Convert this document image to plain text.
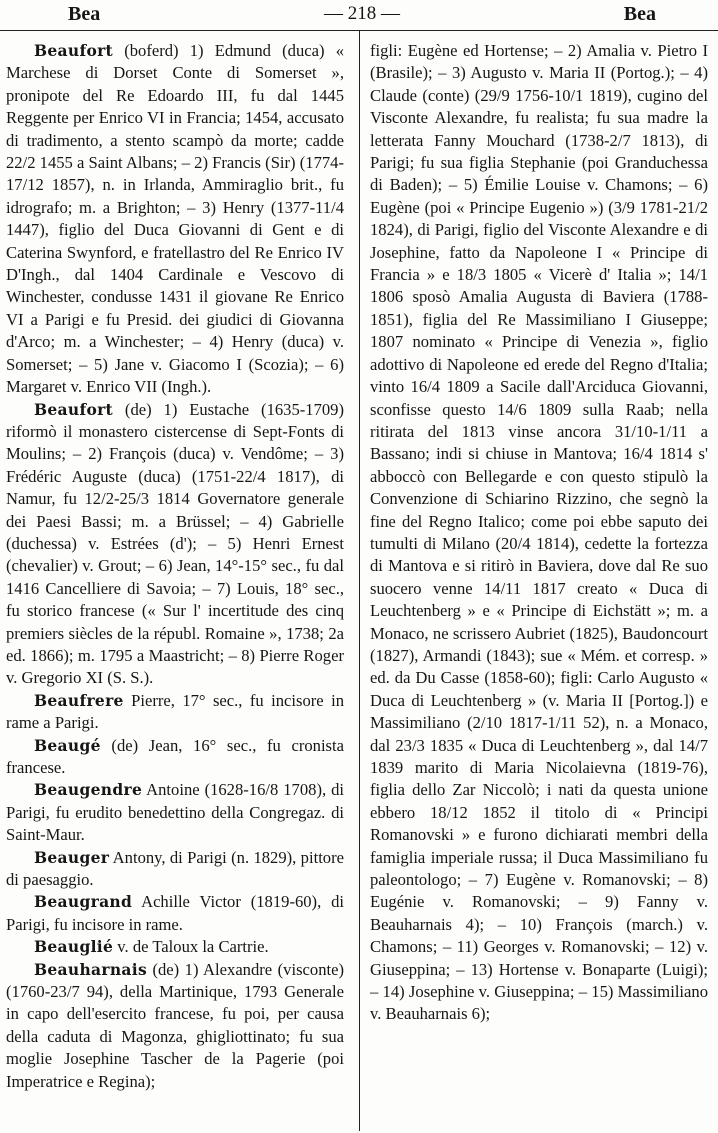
Bea	— 218 —	Bea

Beaufort (boferd) 1) Edmund (duca) « Marchese di Dorset Conte di Somerset », pronipote del Re Edoardo III, fu dal 1445 Reggente per Enrico VI in Francia; 1454, accusato di tradimento, a stento scampò da morte; cadde 22/2 1455 a Saint Albans; – 2) Francis (Sir) (1774-17/12 1857), n. in Irlanda, Ammiraglio brit., fu idrografo; m. a Brighton; – 3) Henry (1377-11/4 1447), figlio del Duca Giovanni di Gent e di Caterina Swynford, e fratellastro del Re Enrico IV D'Ingh., dal 1404 Cardinale e Vescovo di Winchester, condusse 1431 il giovane Re Enrico VI a Parigi e fu Presid. dei giudici di Giovanna d'Arco; m. a Winchester; – 4) Henry (duca) v. Somerset; – 5) Jane v. Giacomo I (Scozia); – 6) Margaret v. Enrico VII (Ingh.).

Beaufort (de) 1) Eustache (1635-1709) riformò il monastero cistercense di Sept-Fonts di Moulins; – 2) François (duca) v. Vendôme; – 3) Frédéric Auguste (duca) (1751-22/4 1817), di Namur, fu 12/2-25/3 1814 Governatore generale dei Paesi Bassi; m. a Brüssel; – 4) Gabrielle (duchessa) v. Estrées (d'); – 5) Henri Ernest (chevalier) v. Grout; – 6) Jean, 14°-15° sec., fu dal 1416 Cancelliere di Savoia; – 7) Louis, 18° sec., fu storico francese (« Sur l' incertitude des cinq premiers siècles de la républ. Romaine », 1738; 2a ed. 1866); m. 1795 a Maastricht; – 8) Pierre Roger v. Gregorio XI (S. S.).

Beaufrere Pierre, 17° sec., fu incisore in rame a Parigi.

Beaugé (de) Jean, 16° sec., fu cronista francese.

Beaugendre Antoine (1628-16/8 1708), di Parigi, fu erudito benedettino della Congregaz. di Saint-Maur.

Beauger Antony, di Parigi (n. 1829), pittore di paesaggio.

Beaugrand Achille Victor (1819-60), di Parigi, fu incisore in rame.

Beauglié v. de Taloux la Cartrie.

Beauharnais (de) 1) Alexandre (visconte) (1760-23/7 94), della Martinique, 1793 Generale in capo dell'esercito francese, fu poi, per causa della caduta di Magonza, ghigliottinato; fu sua moglie Josephine Tascher de la Pagerie (poi Imperatrice e Regina);

figli: Eugène ed Hortense; – 2) Amalia v. Pietro I (Brasile); – 3) Augusto v. Maria II (Portog.); – 4) Claude (conte) (29/9 1756-10/1 1819), cugino del Visconte Alexandre, fu realista; fu sua madre la letterata Fanny Mouchard (1738-2/7 1813), di Parigi; fu sua figlia Stephanie (poi Granduchessa di Baden); – 5) Émilie Louise v. Chamons; – 6) Eugène (poi « Principe Eugenio ») (3/9 1781-21/2 1824), di Parigi, figlio del Visconte Alexandre e di Josephine, fatto da Napoleone I « Principe di Francia » e 18/3 1805 « Vicerè d' Italia »; 14/1 1806 sposò Amalia Augusta di Baviera (1788-1851), figlia del Re Massimiliano I Giuseppe; 1807 nominato « Principe di Venezia », figlio adottivo di Napoleone ed erede del Regno d'Italia; vinto 16/4 1809 a Sacile dall'Arciduca Giovanni, sconfisse questo 14/6 1809 sulla Raab; nella ritirata del 1813 vinse ancora 31/10-1/11 a Bassano; indi si chiuse in Mantova; 16/4 1814 s' abboccò con Bellegarde e con questo stipulò la Convenzione di Schiarino Rizzino, che segnò la fine del Regno Italico; come poi ebbe saputo dei tumulti di Milano (20/4 1814), cedette la fortezza di Mantova e si ritirò in Baviera, dove dal Re suo suocero venne 14/11 1817 creato « Duca di Leuchtenberg » e « Principe di Eichstätt »; m. a Monaco, ne scrissero Aubriet (1825), Baudoncourt (1827), Armandi (1843); sue « Mém. et corresp. » ed. da Du Casse (1858-60); figli: Carlo Augusto « Duca di Leuchtenberg » (v. Maria II [Portog.]) e Massimiliano (2/10 1817-1/11 52), n. a Monaco, dal 23/3 1835 « Duca di Leuchtenberg », dal 14/7 1839 marito di Maria Nicolaievna (1819-76), figlia dello Zar Niccolò; i nati da questa unione ebbero 18/12 1852 il titolo di « Principi Romanovski » e furono dichiarati membri della famiglia imperiale russa; il Duca Massimiliano fu paleontologo; – 7) Eugène v. Romanovski; – 8) Eugénie v. Romanovski; – 9) Fanny v. Beauharnais 4); – 10) François (march.) v. Chamons; – 11) Georges v. Romanovski; – 12) v. Giuseppina; – 13) Hortense v. Bonaparte (Luigi); – 14) Josephine v. Giuseppina; – 15) Massimiliano v. Beauharnais 6);
